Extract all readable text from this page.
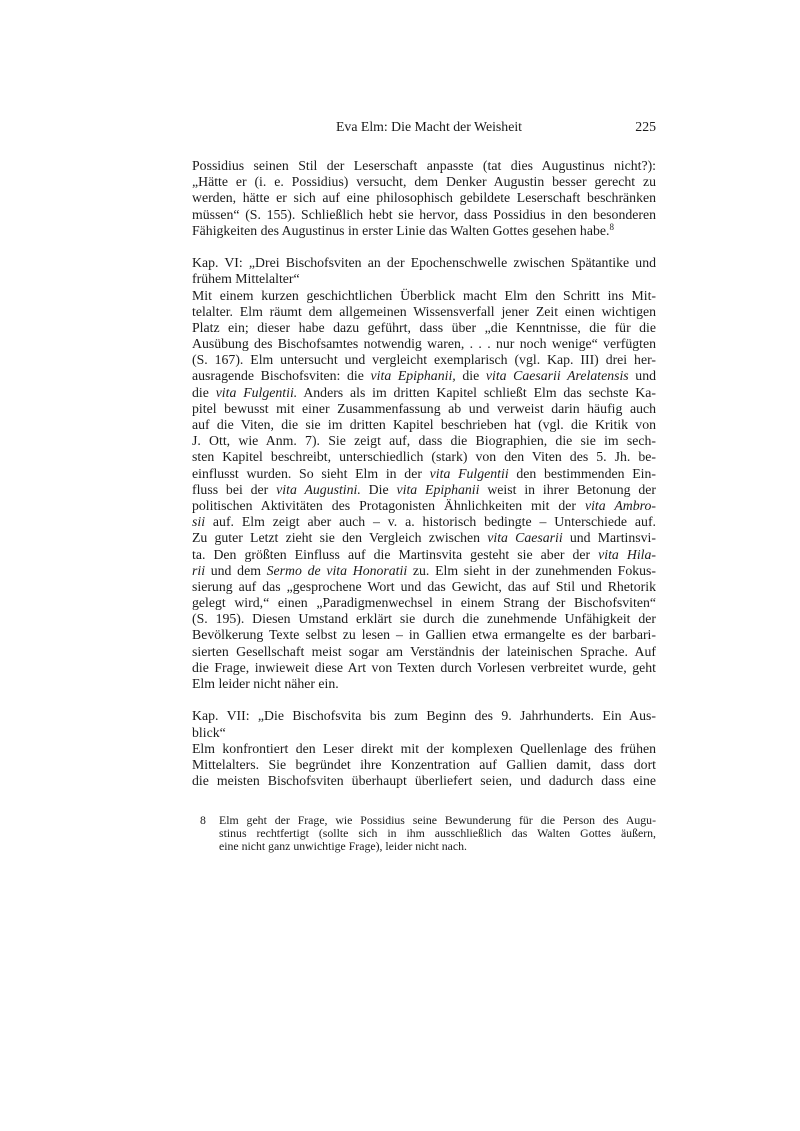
Eva Elm: Die Macht der Weisheit	225
Possidius seinen Stil der Leserschaft anpasste (tat dies Augustinus nicht?):
„Hätte er (i. e. Possidius) versucht, dem Denker Augustin besser gerecht zu
werden, hätte er sich auf eine philosophisch gebildete Leserschaft beschränken
müssen“ (S. 155). Schließlich hebt sie hervor, dass Possidius in den besonderen
Fähigkeiten des Augustinus in erster Linie das Walten Gottes gesehen habe.$^8$
Kap. VI: „Drei Bischofsviten an der Epochenschwelle zwischen Spätantike und
frühem Mittelalter“
Mit einem kurzen geschichtlichen Überblick macht Elm den Schritt ins Mit-
telalter. Elm räumt dem allgemeinen Wissensverfall jener Zeit einen wichtigen
Platz ein; dieser habe dazu geführt, dass über „die Kenntnisse, die für die
Ausübung des Bischofsamtes notwendig waren, . . . nur noch wenige“ verfügten
(S. 167). Elm untersucht und vergleicht exemplarisch (vgl. Kap. III) drei her-
ausragende Bischofsviten: die vita Epiphanii, die vita Caesarii Arelatensis und
die vita Fulgentii. Anders als im dritten Kapitel schließt Elm das sechste Ka-
pitel bewusst mit einer Zusammenfassung ab und verweist darin häufig auch
auf die Viten, die sie im dritten Kapitel beschrieben hat (vgl. die Kritik von
J. Ott, wie Anm. 7). Sie zeigt auf, dass die Biographien, die sie im sech-
sten Kapitel beschreibt, unterschiedlich (stark) von den Viten des 5. Jh. be-
einflusst wurden. So sieht Elm in der vita Fulgentii den bestimmenden Ein-
fluss bei der vita Augustini. Die vita Epiphanii weist in ihrer Betonung der
politischen Aktivitäten des Protagonisten Ähnlichkeiten mit der vita Ambro-
sii auf. Elm zeigt aber auch – v. a. historisch bedingte – Unterschiede auf.
Zu guter Letzt zieht sie den Vergleich zwischen vita Caesarii und Martinsvi-
ta. Den größten Einfluss auf die Martinsvita gesteht sie aber der vita Hila-
rii und dem Sermo de vita Honoratii zu. Elm sieht in der zunehmenden Fokus-
sierung auf das „gesprochene Wort und das Gewicht, das auf Stil und Rhetorik
gelegt wird,“ einen „Paradigmenwechsel in einem Strang der Bischofsviten“
(S. 195). Diesen Umstand erklärt sie durch die zunehmende Unfähigkeit der
Bevölkerung Texte selbst zu lesen – in Gallien etwa ermangelte es der barbari-
sierten Gesellschaft meist sogar am Verständnis der lateinischen Sprache. Auf
die Frage, inwieweit diese Art von Texten durch Vorlesen verbreitet wurde, geht
Elm leider nicht näher ein.
Kap. VII: „Die Bischofsvita bis zum Beginn des 9. Jahrhunderts. Ein Aus-
blick“
Elm konfrontiert den Leser direkt mit der komplexen Quellenlage des frühen
Mittelalters. Sie begründet ihre Konzentration auf Gallien damit, dass dort
die meisten Bischofsviten überhaupt überliefert seien, und dadurch dass eine
8 Elm geht der Frage, wie Possidius seine Bewunderung für die Person des Augu-
stinus rechtfertigt (sollte sich in ihm ausschließlich das Walten Gottes äußern,
eine nicht ganz unwichtige Frage), leider nicht nach.
